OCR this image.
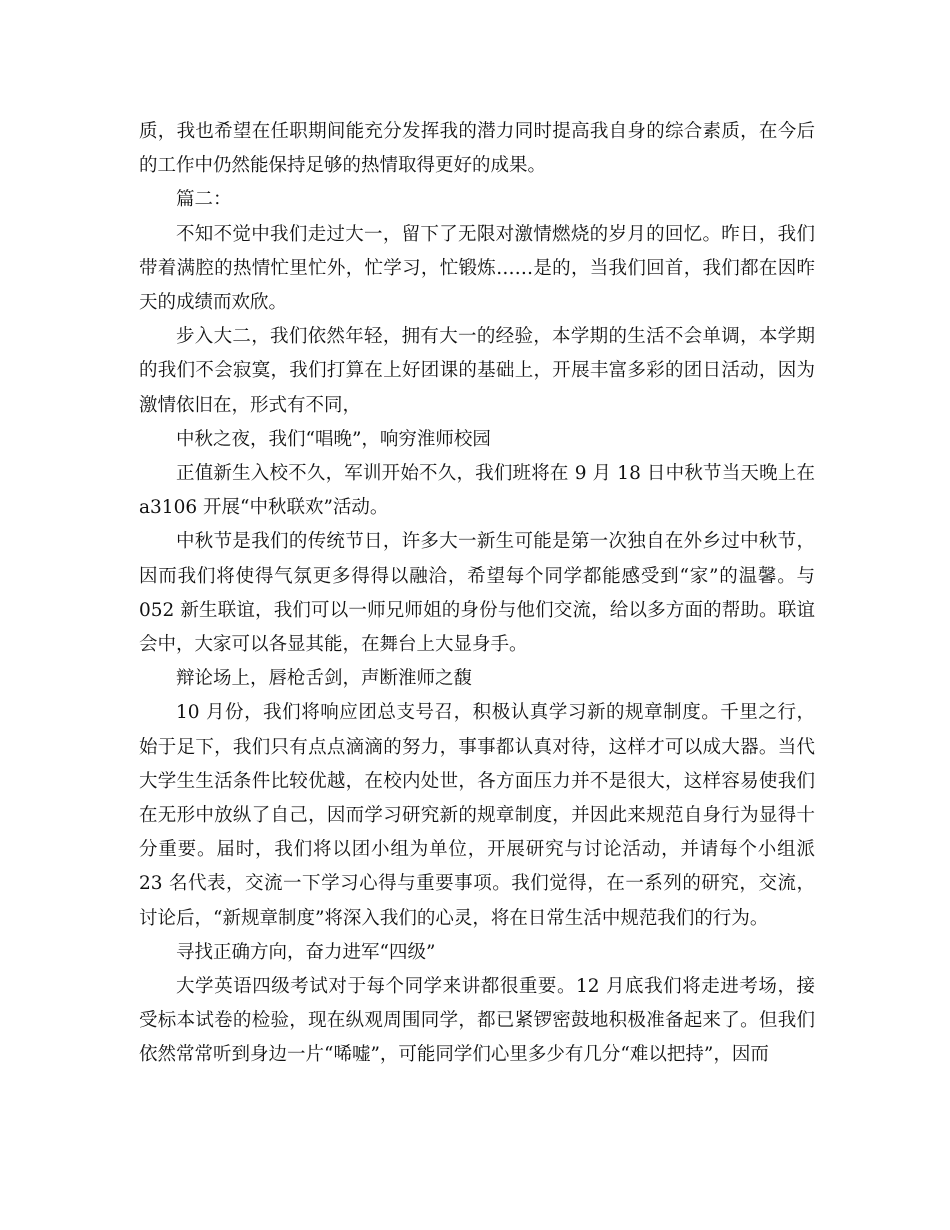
质，我也希望在任职期间能充分发挥我的潜力同时提高我自身的综合素质，在今后的工作中仍然能保持足够的热情取得更好的成果。

篇二：

不知不觉中我们走过大一，留下了无限对激情燃烧的岁月的回忆。昨日，我们带着满腔的热情忙里忙外，忙学习，忙锻炼……是的，当我们回首，我们都在因昨天的成绩而欢欣。

步入大二，我们依然年轻，拥有大一的经验，本学期的生活不会单调，本学期的我们不会寂寞，我们打算在上好团课的基础上，开展丰富多彩的团日活动，因为激情依旧在，形式有不同，

中秋之夜，我们“唱晚”，响穷淮师校园

正值新生入校不久，军训开始不久，我们班将在 9 月 18 日中秋节当天晚上在 a3106 开展“中秋联欢”活动。

中秋节是我们的传统节日，许多大一新生可能是第一次独自在外乡过中秋节，因而我们将使得气氛更多得得以融洽，希望每个同学都能感受到“家”的温馨。与 052 新生联谊，我们可以一师兄师姐的身份与他们交流，给以多方面的帮助。联谊会中，大家可以各显其能，在舞台上大显身手。

辩论场上，唇枪舌剑，声断淮师之馥

10 月份，我们将响应团总支号召，积极认真学习新的规章制度。千里之行，始于足下，我们只有点点滴滴的努力，事事都认真对待，这样才可以成大器。当代大学生生活条件比较优越，在校内处世，各方面压力并不是很大，这样容易使我们在无形中放纵了自己，因而学习研究新的规章制度，并因此来规范自身行为显得十分重要。届时，我们将以团小组为单位，开展研究与讨论活动，并请每个小组派 23 名代表，交流一下学习心得与重要事项。我们觉得，在一系列的研究，交流，讨论后，“新规章制度”将深入我们的心灵，将在日常生活中规范我们的行为。

寻找正确方向，奋力进军“四级”

大学英语四级考试对于每个同学来讲都很重要。12 月底我们将走进考场，接受标本试卷的检验，现在纵观周围同学，都已紧锣密鼓地积极准备起来了。但我们依然常常听到身边一片“唏嘘”，可能同学们心里多少有几分“难以把持”，因而
